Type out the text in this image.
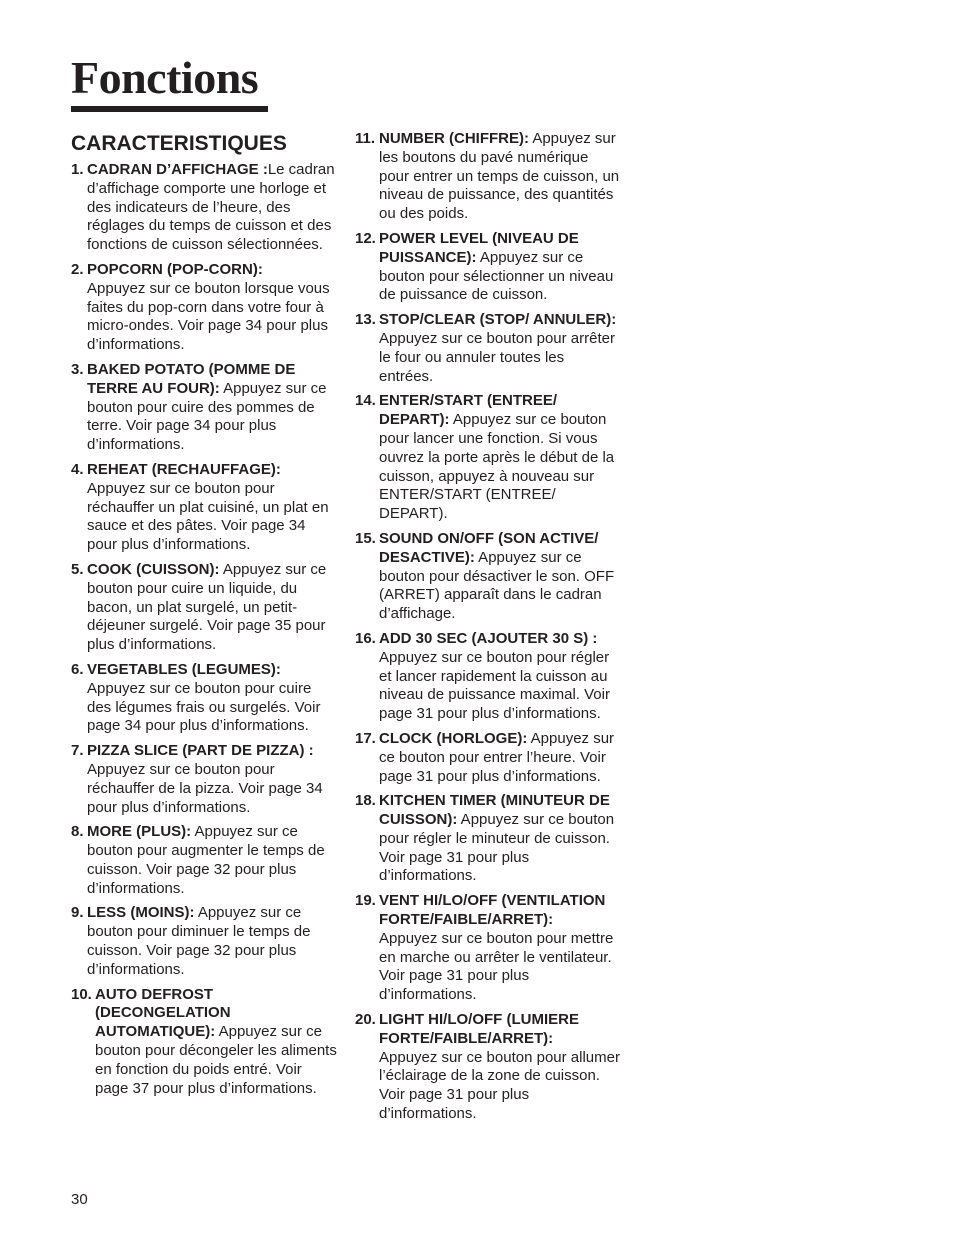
Fonctions
CARACTERISTIQUES
1. CADRAN D’AFFICHAGE :Le cadran d’affichage comporte une horloge et des indicateurs de l’heure, des réglages du temps de cuisson et des fonctions de cuisson sélectionnées.
2. POPCORN (POP-CORN):
Appuyez sur ce bouton lorsque vous faites du pop-corn dans votre four à micro-ondes. Voir page 34 pour plus d’informations.
3. BAKED POTATO (POMME DE TERRE AU FOUR): Appuyez sur ce bouton pour cuire des pommes de terre. Voir page 34 pour plus d’informations.
4. REHEAT (RECHAUFFAGE):
Appuyez sur ce bouton pour réchauffer un plat cuisiné, un plat en sauce et des pâtes. Voir page 34 pour plus d’informations.
5. COOK (CUISSON): Appuyez sur ce bouton pour cuire un liquide, du bacon, un plat surgelé, un petit-déjeuner surgelé. Voir page 35 pour plus d’informations.
6. VEGETABLES (LEGUMES):
Appuyez sur ce bouton pour cuire des légumes frais ou surgelés. Voir page 34 pour plus d’informations.
7. PIZZA SLICE (PART DE PIZZA) : Appuyez sur ce bouton pour réchauffer de la pizza. Voir page 34 pour plus d’informations.
8. MORE (PLUS): Appuyez sur ce bouton pour augmenter le temps de cuisson. Voir page 32 pour plus d’informations.
9. LESS (MOINS): Appuyez sur ce bouton pour diminuer le temps de cuisson. Voir page 32 pour plus d’informations.
10. AUTO DEFROST (DECONGELATION AUTOMATIQUE): Appuyez sur ce bouton pour décongeler les aliments en fonction du poids entré. Voir page 37 pour plus d’informations.
11. NUMBER (CHIFFRE): Appuyez sur les boutons du pavé numérique pour entrer un temps de cuisson, un niveau de puissance, des quantités ou des poids.
12. POWER LEVEL (NIVEAU DE PUISSANCE): Appuyez sur ce bouton pour sélectionner un niveau de puissance de cuisson.
13. STOP/CLEAR (STOP/ ANNULER): Appuyez sur ce bouton pour arrêter le four ou annuler toutes les entrées.
14. ENTER/START (ENTREE/ DEPART): Appuyez sur ce bouton pour lancer une fonction. Si vous ouvrez la porte après le début de la cuisson, appuyez à nouveau sur ENTER/START (ENTREE/ DEPART).
15. SOUND ON/OFF (SON ACTIVE/ DESACTIVE): Appuyez sur ce bouton pour désactiver le son. OFF (ARRET) apparaît dans le cadran d’affichage.
16. ADD 30 SEC (AJOUTER 30 S) : Appuyez sur ce bouton pour régler et lancer rapidement la cuisson au niveau de puissance maximal. Voir page 31 pour plus d’informations.
17. CLOCK (HORLOGE): Appuyez sur ce bouton pour entrer l’heure. Voir page 31 pour plus d’informations.
18. KITCHEN TIMER (MINUTEUR DE CUISSON): Appuyez sur ce bouton pour régler le minuteur de cuisson. Voir page 31 pour plus d’informations.
19. VENT HI/LO/OFF (VENTILATION FORTE/FAIBLE/ARRET):
Appuyez sur ce bouton pour mettre en marche ou arrêter le ventilateur. Voir page 31 pour plus d’informations.
20. LIGHT HI/LO/OFF (LUMIERE FORTE/FAIBLE/ARRET):
Appuyez sur ce bouton pour allumer l’éclairage de la zone de cuisson. Voir page 31 pour plus d’informations.
30
